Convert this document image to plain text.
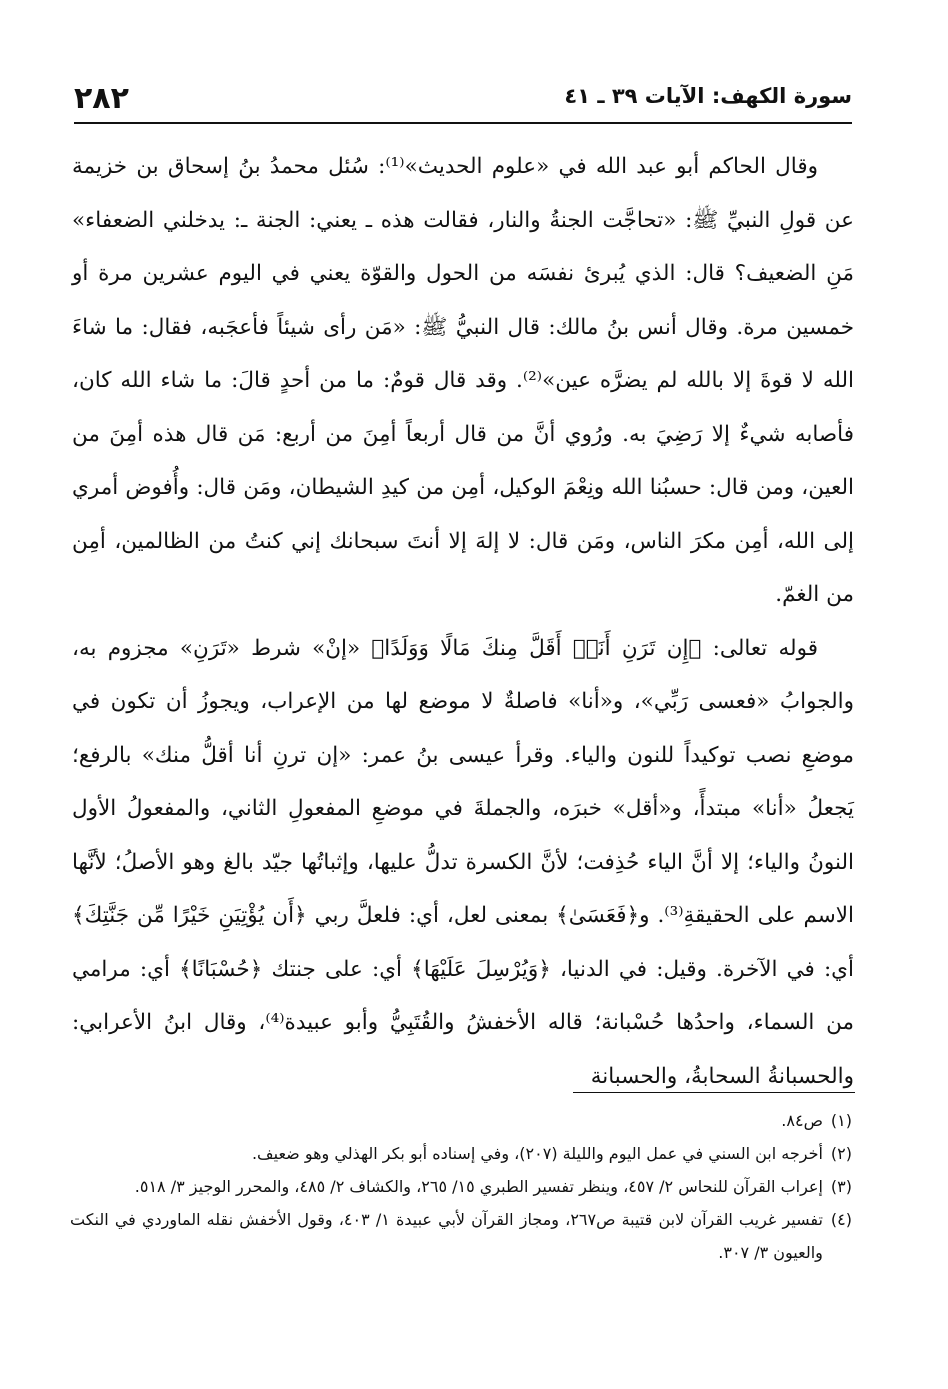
٢٨٢	سورة الكهف: الآيات ٣٩ ـ ٤١

وقال الحاكم أبو عبد الله في «علوم الحديث»⁽¹⁾: سُئل محمدُ بنُ إسحاق بن خزيمة عن قولِ النبيِّ ﷺ: «تحاجَّت الجنةُ والنار، فقالت هذه ـ يعني: الجنة ـ: يدخلني الضعفاء» مَنِ الضعيف؟ قال: الذي يُبرئ نفسَه من الحول والقوّة يعني في اليوم عشرين مرة أو خمسين مرة. وقال أنس بنُ مالك: قال النبيُّ ﷺ: «مَن رأى شيئاً فأعجَبه، فقال: ما شاءَ الله لا قوةَ إلا بالله لم يضرَّه عين»⁽²⁾. وقد قال قومٌ: ما من أحدٍ قالَ: ما شاء الله كان، فأصابه شيءٌ إلا رَضِيَ به. ورُوي أنَّ من قال أربعاً أمِنَ من أربع: مَن قال هذه أمِنَ من العين، ومن قال: حسبُنا الله ونِعْمَ الوكيل، أمِن من كيدِ الشيطان، ومَن قال: وأُفوض أمري إلى الله، أمِن مكرَ الناس، ومَن قال: لا إلهَ إلا أنتَ سبحانك إني كنتُ من الظالمين، أمِن من الغمّ.

قوله تعالى: ﴿إِن تَرَنِ أَنَا۠ أَقَلَّ مِنكَ مَالًا وَوَلَدًا﴾ «إنْ» شرط «تَرَنِ» مجزوم به، والجوابُ «فعسى رَبِّي»، و«أنا» فاصلةٌ لا موضع لها من الإعراب، ويجوزُ أن تكون في موضعِ نصب توكيداً للنون والياء. وقرأ عيسى بنُ عمر: «إن ترنِ أنا أقلُّ منك» بالرفع؛ يَجعلُ «أنا» مبتدأً، و«أقل» خبرَه، والجملةَ في موضعِ المفعولِ الثاني، والمفعولُ الأول النونُ والياء؛ إلا أنَّ الياء حُذِفت؛ لأنَّ الكسرة تدلُّ عليها، وإثباتُها جيّد بالغ وهو الأصلُ؛ لأنَّها الاسم على الحقيقةِ⁽³⁾. و﴿فَعَسَىٰ﴾ بمعنى لعل، أي: فلعلَّ ربي ﴿أَن يُؤْتِيَنِ خَيْرًا مِّن جَنَّتِكَ﴾ أي: في الآخرة. وقيل: في الدنيا، ﴿وَيُرْسِلَ عَلَيْهَا﴾ أي: على جنتك ﴿حُسْبَانًا﴾ أي: مرامي من السماء، واحدُها حُسْبانة؛ قاله الأخفشُ والقُتَبِيُّ وأبو عبيدة⁽⁴⁾، وقال ابنُ الأعرابي: والحسبانةُ السحابةُ، والحسبانة

(١)
ص٨٤.
(٢)
أخرجه ابن السني في عمل اليوم والليلة (٢٠٧)، وفي إسناده أبو بكر الهذلي وهو ضعيف.
(٣)
إعراب القرآن للنحاس ٢/ ٤٥٧، وينظر تفسير الطبري ١٥/ ٢٦٥، والكشاف ٢/ ٤٨٥، والمحرر الوجيز ٣/ ٥١٨.
(٤)
تفسير غريب القرآن لابن قتيبة ص٢٦٧، ومجاز القرآن لأبي عبيدة ١/ ٤٠٣، وقول الأخفش نقله الماوردي في النكت والعيون ٣/ ٣٠٧.
